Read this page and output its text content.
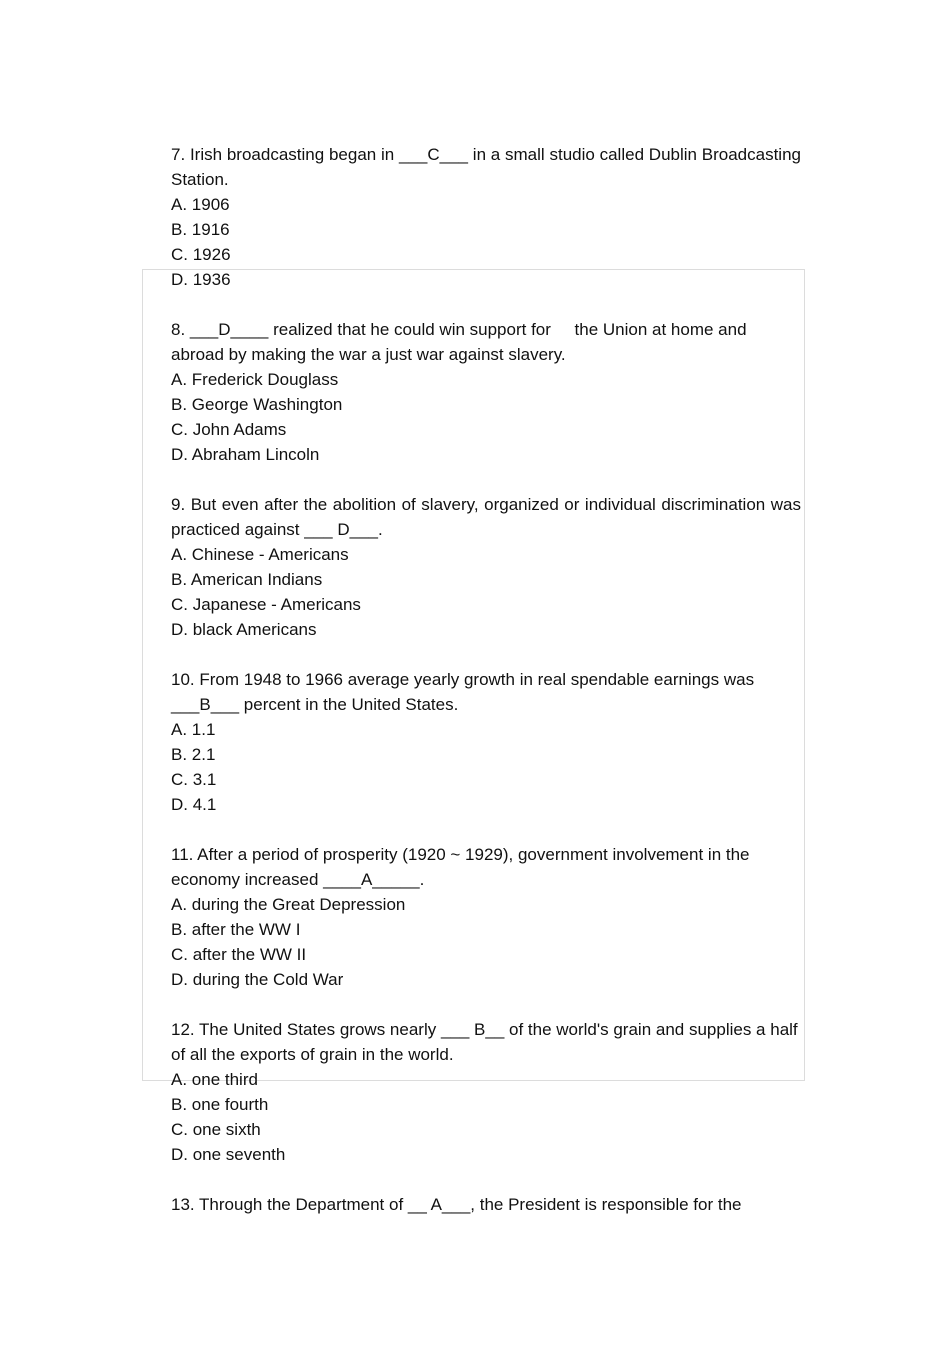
7. Irish broadcasting began in ___C___ in a small studio called Dublin Broadcasting Station.

A. 1906

B. 1916

C. 1926

D. 1936

8. ___D____ realized that he could win support for     the Union at home and abroad by making the war a just war against slavery.

A. Frederick Douglass

B. George Washington

C. John Adams

D. Abraham Lincoln

9. But even after the abolition of slavery, organized or individual discrimination was practiced against ___ D___.

A. Chinese - Americans

B. American Indians

C. Japanese - Americans

D. black Americans

10. From 1948 to 1966 average yearly growth in real spendable earnings was ___B___ percent in the United States.

A. 1.1

B. 2.1

C. 3.1

D. 4.1

11. After a period of prosperity (1920 ~ 1929), government involvement in the economy increased ____A_____.

A. during the Great Depression

B. after the WW I

C. after the WW II

D. during the Cold War

12. The United States grows nearly ___ B__ of the world's grain and supplies a half of all the exports of grain in the world.

A. one third

B. one fourth

C. one sixth

D. one seventh

13. Through the Department of __ A___, the President is responsible for the
